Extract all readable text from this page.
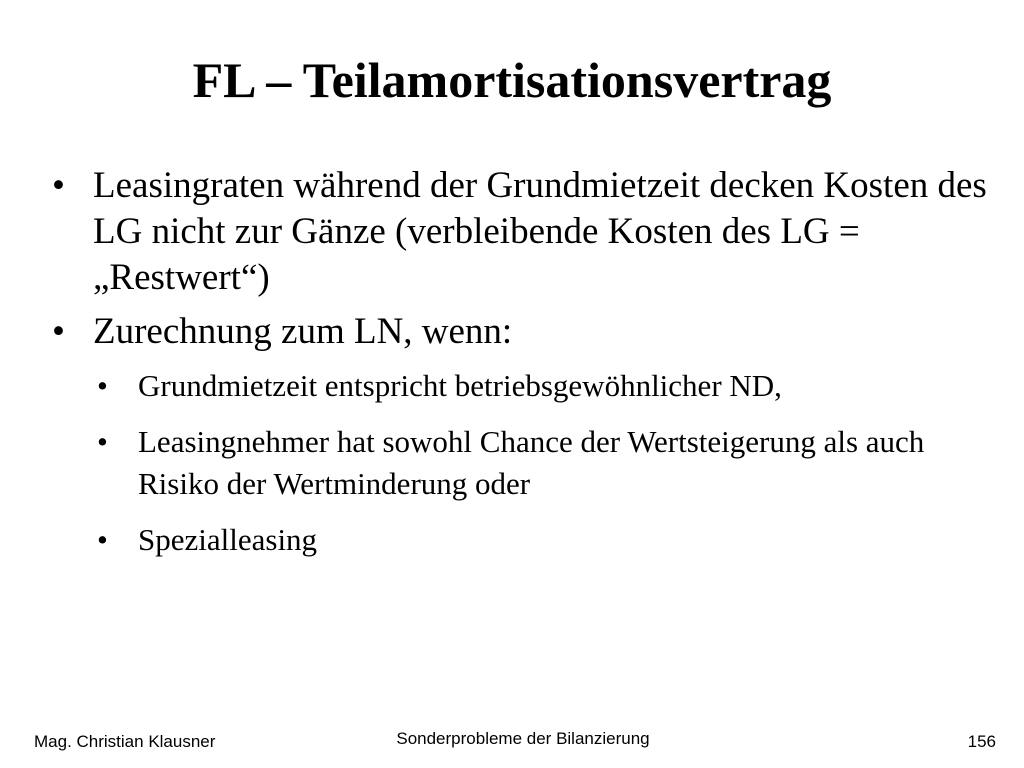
FL – Teilamortisationsvertrag
• Leasingraten während der Grundmietzeit decken Kosten des LG nicht zur Gänze (verbleibende Kosten des LG = „Restwert“)
• Zurechnung zum LN, wenn:
• Grundmietzeit entspricht betriebsgewöhnlicher ND,
• Leasingnehmer hat sowohl Chance der Wertsteigerung als auch Risiko der Wertminderung oder
• Spezialleasing
Mag. Christian Klausner	Sonderprobleme der Bilanzierung	156
